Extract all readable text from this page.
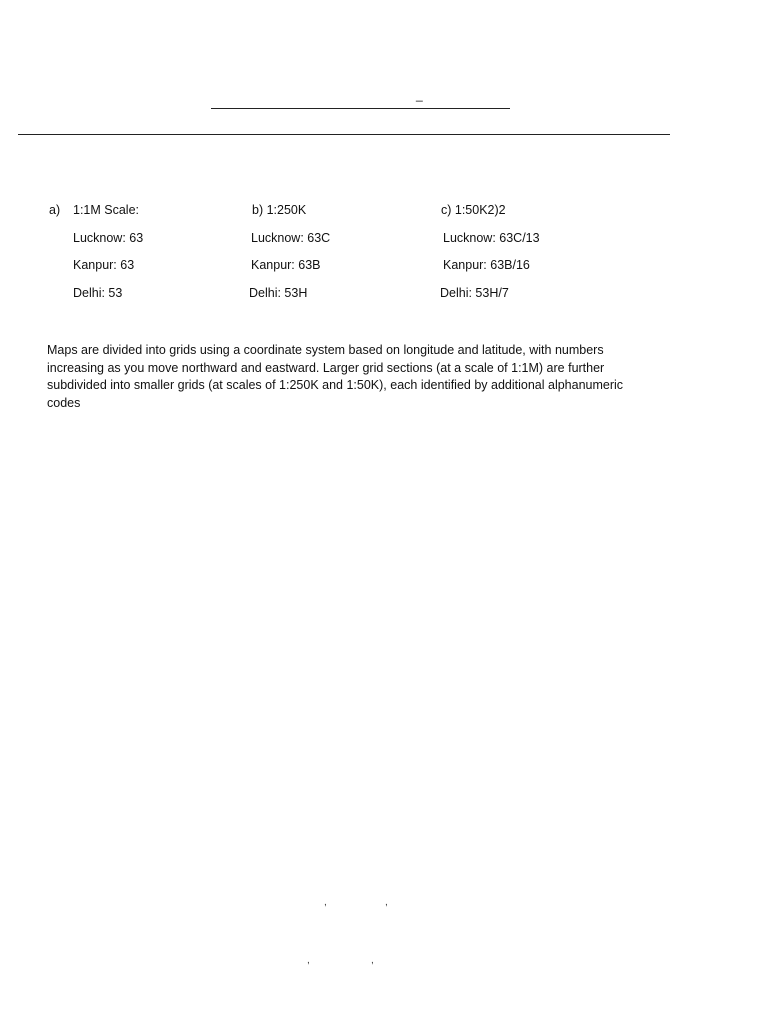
_
a) 1:1M Scale:
Lucknow: 63
Kanpur: 63
Delhi: 53
b) 1:250K
Lucknow: 63C
Kanpur: 63B
Delhi: 53H
c) 1:50K2)2
Lucknow: 63C/13
Kanpur: 63B/16
Delhi: 53H/7
Maps are divided into grids using a coordinate system based on longitude and latitude, with numbers increasing as you move northward and eastward. Larger grid sections (at a scale of 1:1M) are further subdivided into smaller grids (at scales of 1:250K and 1:50K), each identified by additional alphanumeric codes
,	,
,	,
